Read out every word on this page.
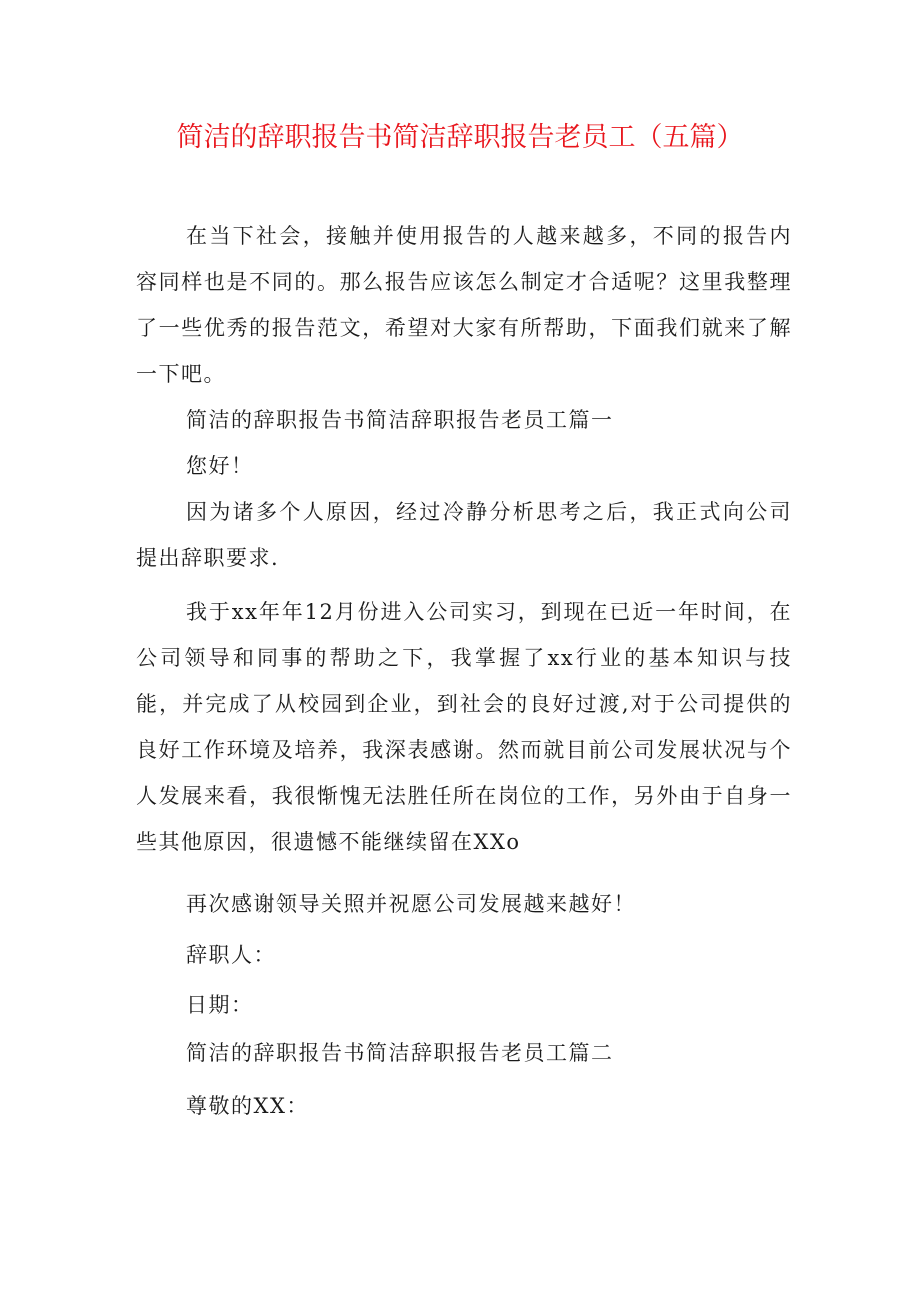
简洁的辞职报告书简洁辞职报告老员工（五篇）

在当下社会，接触并使用报告的人越来越多，不同的报告内容同样也是不同的。那么报告应该怎么制定才合适呢？这里我整理了一些优秀的报告范文，希望对大家有所帮助，下面我们就来了解一下吧。

简洁的辞职报告书简洁辞职报告老员工篇一

您好！

因为诸多个人原因，经过冷静分析思考之后，我正式向公司提出辞职要求.

我于xx年年12月份进入公司实习，到现在已近一年时间，在公司领导和同事的帮助之下，我掌握了xx行业的基本知识与技能，并完成了从校园到企业，到社会的良好过渡,对于公司提供的良好工作环境及培养，我深表感谢。然而就目前公司发展状况与个人发展来看，我很惭愧无法胜任所在岗位的工作，另外由于自身一些其他原因，很遗憾不能继续留在XXo

再次感谢领导关照并祝愿公司发展越来越好！

辞职人：

日期：

简洁的辞职报告书简洁辞职报告老员工篇二

尊敬的XX：
